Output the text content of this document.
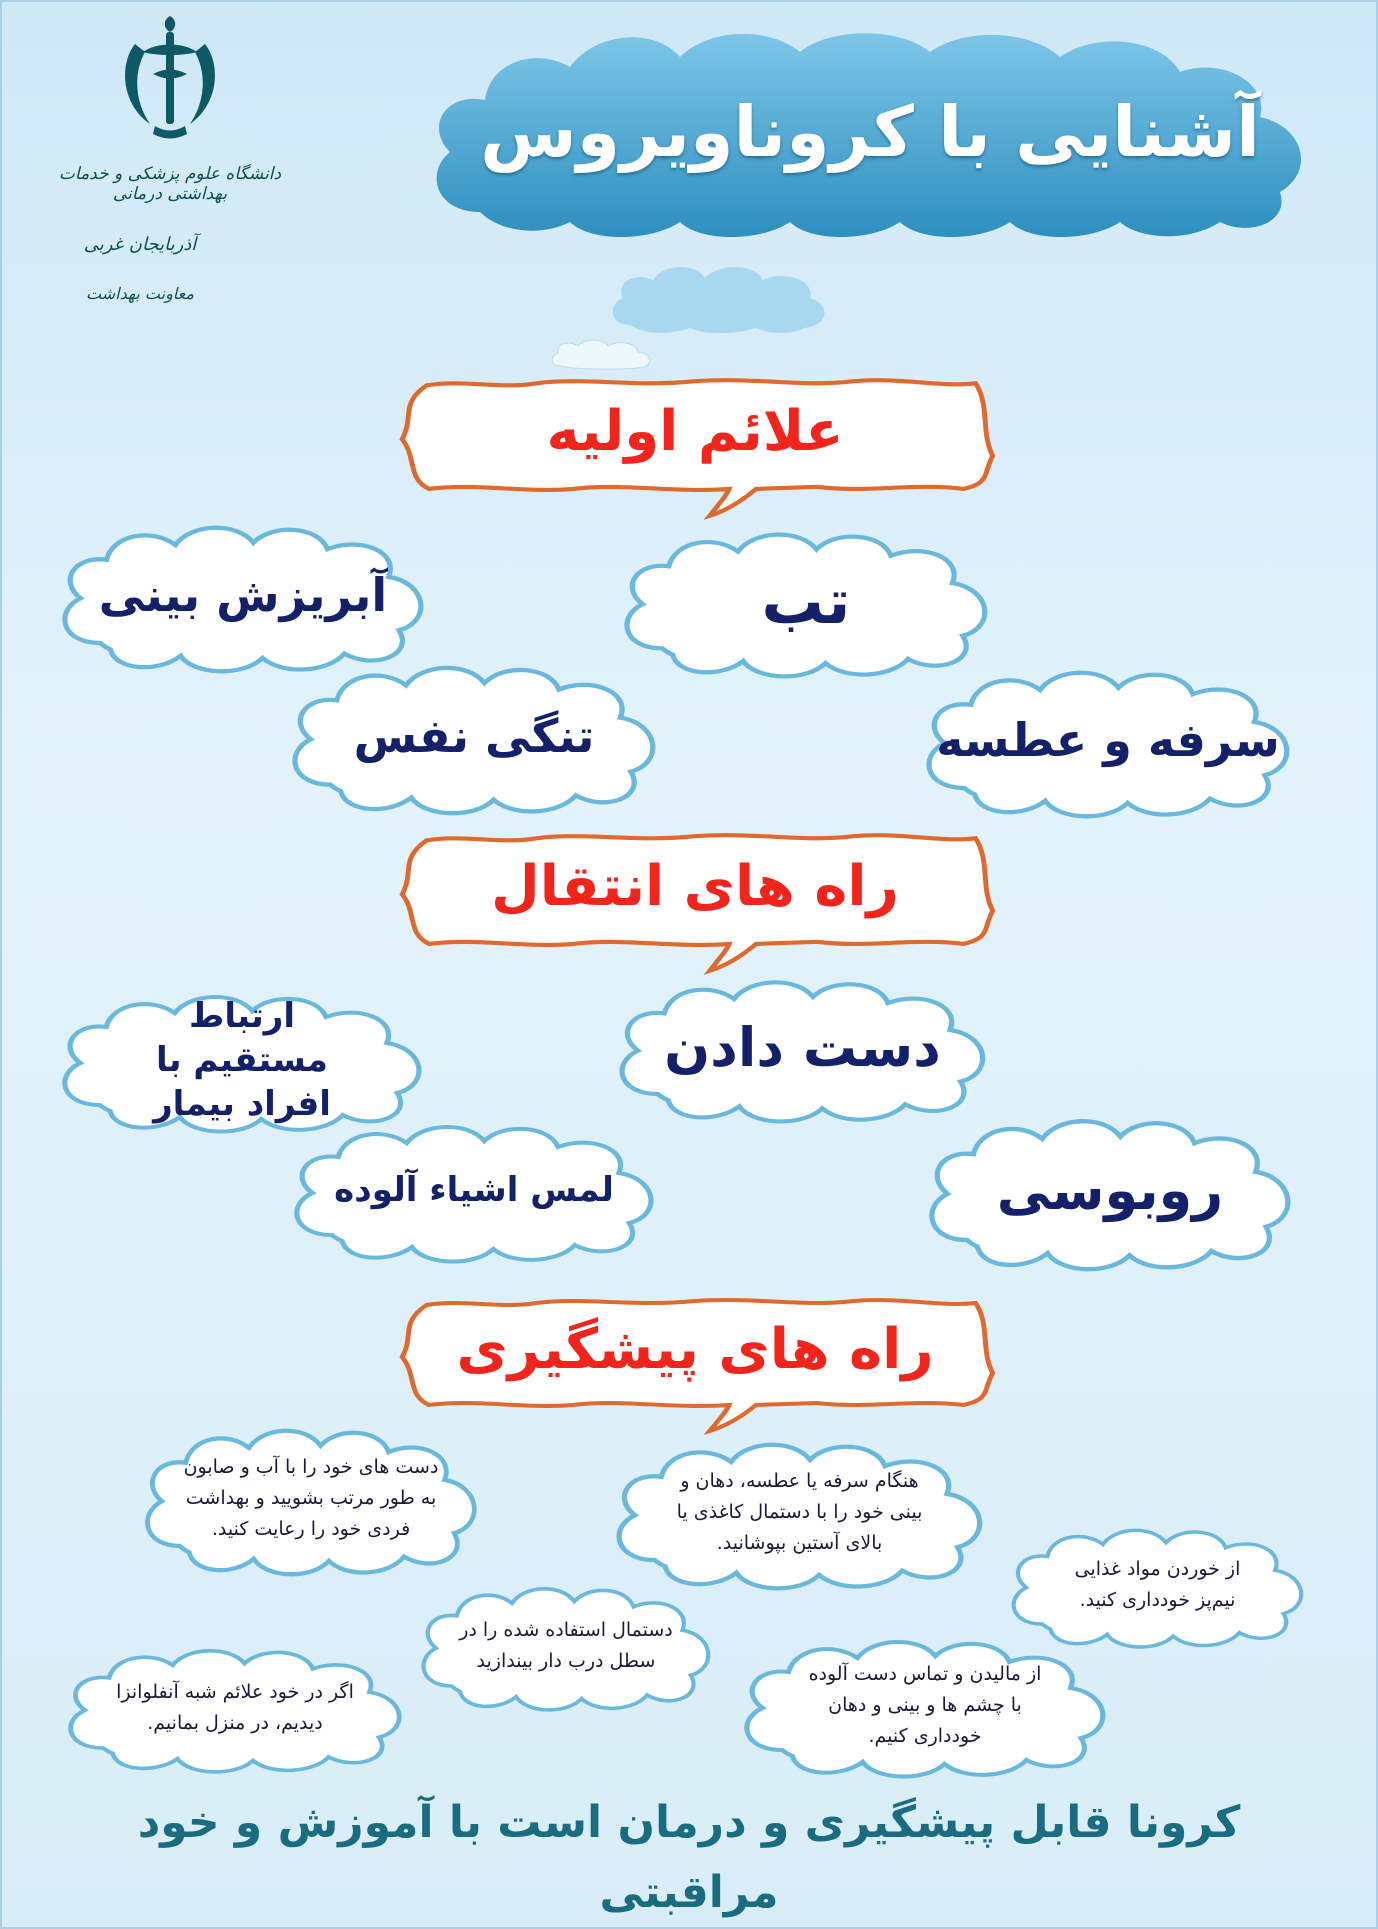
دانشگاه علوم پزشکی و خدمات بهداشتی درمانی
آذربایجان غربی
معاونت بهداشت
آشنایی با کروناویروس
علائم اولیه
تب
آبریزش بینی
تنگی نفس	سرفه و عطسه
راه های انتقال
دست دادن
ارتباط مستقیم با افراد بیمار
لمس اشیاء آلوده	روبوسی
راه های پیشگیری
دست های خود را با آب و صابون به طور مرتب بشویید و بهداشت فردی خود را رعایت کنید.
هنگام سرفه یا عطسه، دهان و بینی خود را با دستمال کاغذی یا بالای آستین بپوشانید.
از خوردن مواد غذایی نیم‌پز خودداری کنید.
دستمال استفاده شده را در سطل درب دار بیندازید
از مالیدن و تماس دست آلوده با چشم ها و بینی و دهان خودداری کنیم.
اگر در خود علائم شبه آنفلوانزا دیدیم، در منزل بمانیم.
کرونا قابل پیشگیری و درمان است با آموزش و خود مراقبتی
